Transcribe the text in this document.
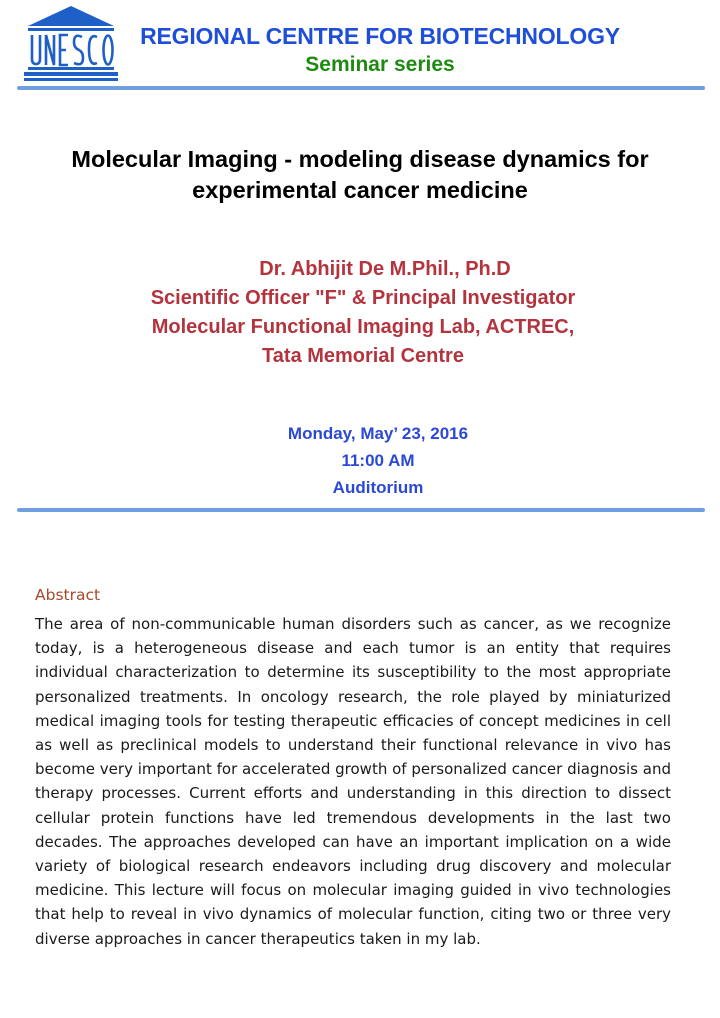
REGIONAL CENTRE FOR BIOTECHNOLOGY
Seminar series
Molecular Imaging - modeling disease dynamics for
experimental cancer medicine
Dr. Abhijit De M.Phil., Ph.D
Scientific Officer "F" & Principal Investigator
Molecular Functional Imaging Lab, ACTREC,
Tata Memorial Centre
Monday, May’ 23, 2016
11:00 AM
Auditorium
Abstract

The area of non-communicable human disorders such as cancer, as we recognize today, is a heterogeneous disease and each tumor is an entity that requires individual characterization to determine its susceptibility to the most appropriate personalized treatments. In oncology research, the role played by miniaturized medical imaging tools for testing therapeutic efficacies of concept medicines in cell as well as preclinical models to understand their functional relevance in vivo has become very important for accelerated growth of personalized cancer diagnosis and therapy processes. Current efforts and understanding in this direction to dissect cellular protein functions have led tremendous developments in the last two decades. The approaches developed can have an important implication on a wide variety of biological research endeavors including drug discovery and molecular medicine. This lecture will focus on molecular imaging guided in vivo technologies that help to reveal in vivo dynamics of molecular function, citing two or three very diverse approaches in cancer therapeutics taken in my lab.
